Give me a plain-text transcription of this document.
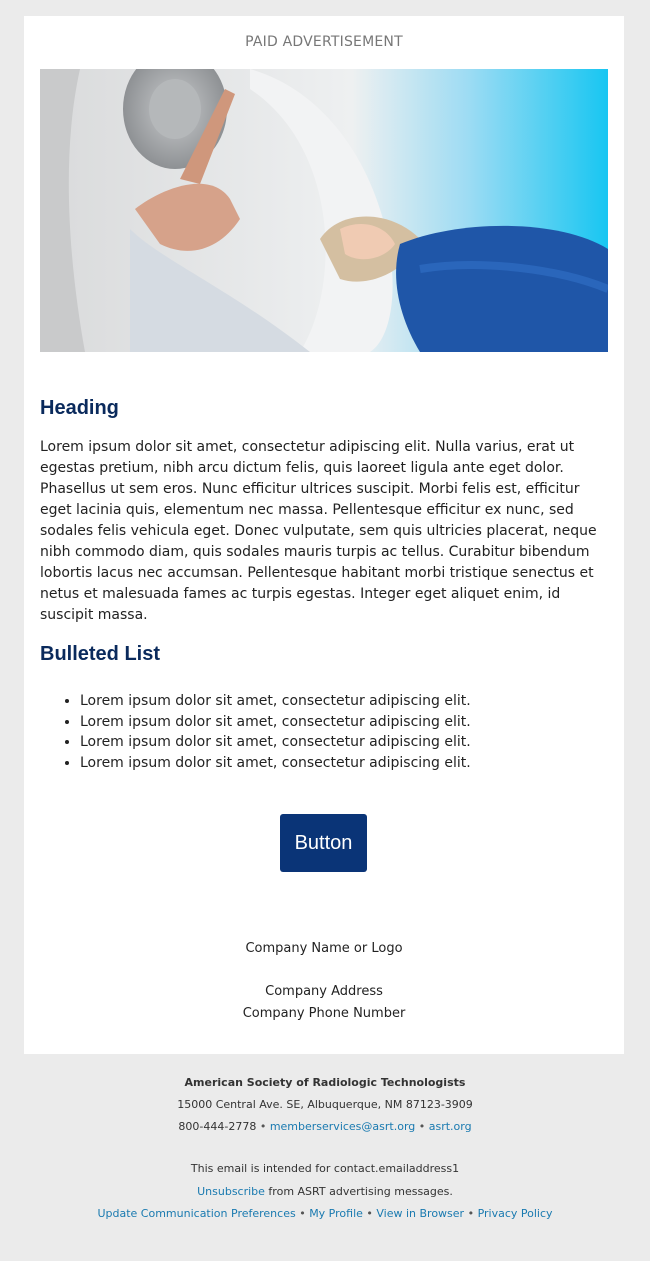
PAID ADVERTISEMENT
Heading

Lorem ipsum dolor sit amet, consectetur adipiscing elit. Nulla varius, erat ut egestas pretium, nibh arcu dictum felis, quis laoreet ligula ante eget dolor. Phasellus ut sem eros. Nunc efficitur ultrices suscipit. Morbi felis est, efficitur eget lacinia quis, elementum nec massa. Pellentesque efficitur ex nunc, sed sodales felis vehicula eget. Donec vulputate, sem quis ultricies placerat, neque nibh commodo diam, quis sodales mauris turpis ac tellus. Curabitur bibendum lobortis lacus nec accumsan. Pellentesque habitant morbi tristique senectus et netus et malesuada fames ac turpis egestas. Integer eget aliquet enim, id suscipit massa.

Bulleted List
• Lorem ipsum dolor sit amet, consectetur adipiscing elit.
• Lorem ipsum dolor sit amet, consectetur adipiscing elit.
• Lorem ipsum dolor sit amet, consectetur adipiscing elit.
• Lorem ipsum dolor sit amet, consectetur adipiscing elit.
Button
Company Name or Logo
Company Address
Company Phone Number
American Society of Radiologic Technologists
15000 Central Ave. SE, Albuquerque, NM 87123-3909
800-444-2778 • memberservices@asrt.org • asrt.org
This email is intended for contact.emailaddress1
Unsubscribe from ASRT advertising messages.
Update Communication Preferences • My Profile • View in Browser • Privacy Policy
